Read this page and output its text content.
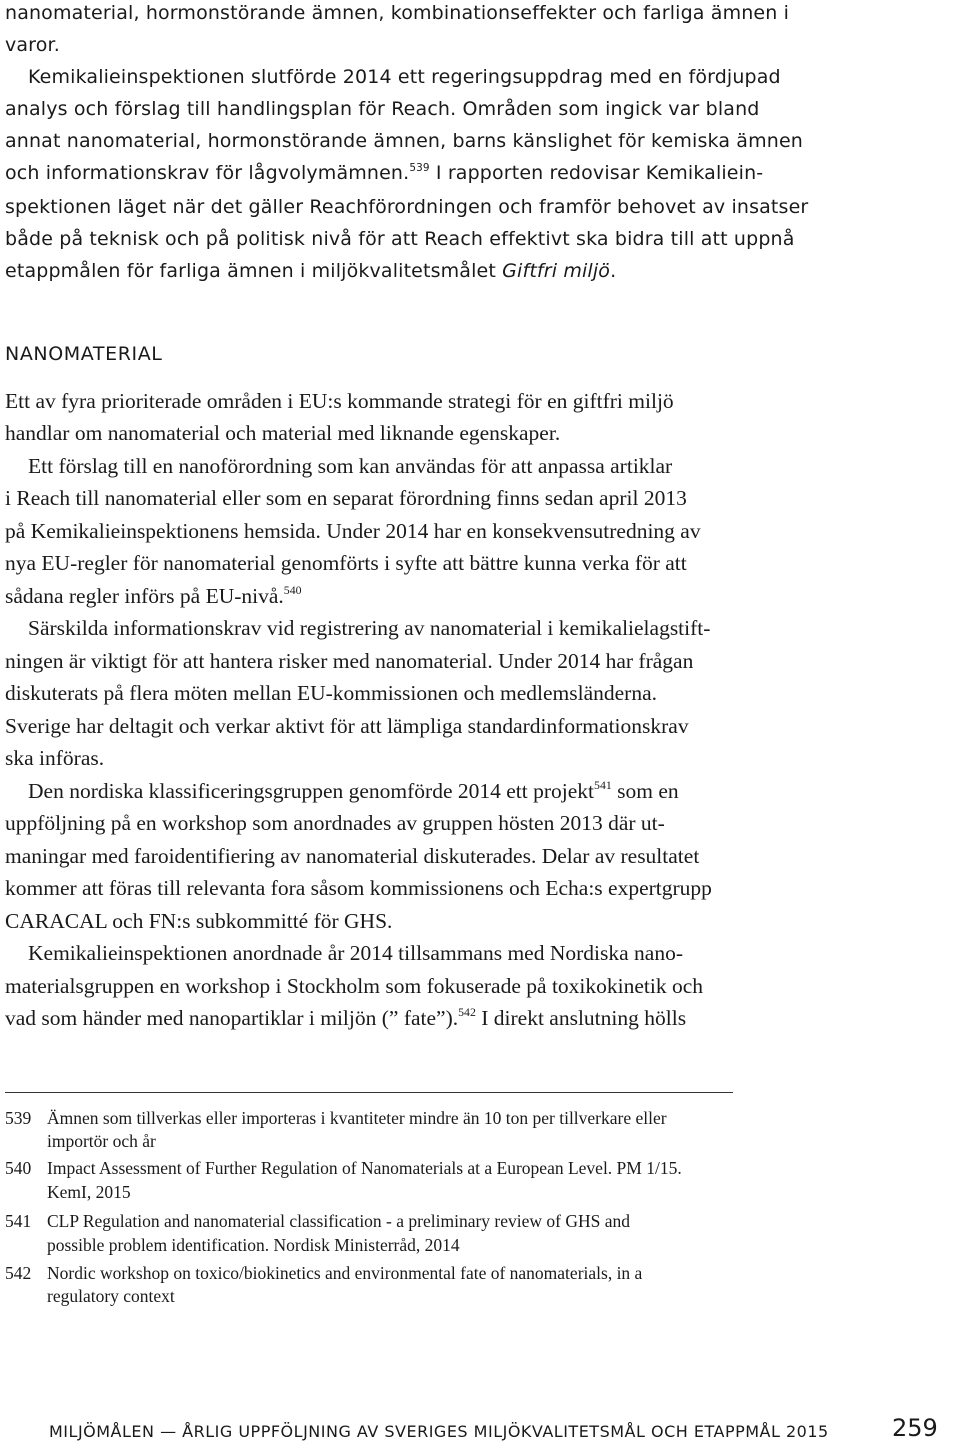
nanomaterial, hormonstörande ämnen, kombinationseffekter och farliga ämnen i
varor.
Kemikalieinspektionen slutförde 2014 ett regeringsuppdrag med en fördjupad
analys och förslag till handlingsplan för Reach. Områden som ingick var bland
annat nanomaterial, hormonstörande ämnen, barns känslighet för kemiska ämnen
och informationskrav för lågvolymämnen.$^{539}$ I rapporten redovisar Kemikaliein-
spektionen läget när det gäller Reachförordningen och framför behovet av insatser
både på teknisk och på politisk nivå för att Reach effektivt ska bidra till att uppnå
etappmålen för farliga ämnen i miljökvalitetsmålet Giftfri miljö.
NANOMATERIAL
Ett av fyra prioriterade områden i EU:s kommande strategi för en giftfri miljö
handlar om nanomaterial och material med liknande egenskaper.
Ett förslag till en nanoförordning som kan användas för att anpassa artiklar
i Reach till nanomaterial eller som en separat förordning finns sedan april 2013
på Kemikalieinspektionens hemsida. Under 2014 har en konsekvensutredning av
nya EU-regler för nanomaterial genomförts i syfte att bättre kunna verka för att
sådana regler införs på EU-nivå.$^{540}$
Särskilda informationskrav vid registrering av nanomaterial i kemikalielagstift-
ningen är viktigt för att hantera risker med nanomaterial. Under 2014 har frågan
diskuterats på flera möten mellan EU-kommissionen och medlemsländerna.
Sverige har deltagit och verkar aktivt för att lämpliga standardinformationskrav
ska införas.
Den nordiska klassificeringsgruppen genomförde 2014 ett projekt$^{541}$ som en
uppföljning på en workshop som anordnades av gruppen hösten 2013 där ut-
maningar med faroidentifiering av nanomaterial diskuterades. Delar av resultatet
kommer att föras till relevanta fora såsom kommissionens och Echa:s expertgrupp
CARACAL och FN:s subkommitté för GHS.
Kemikalieinspektionen anordnade år 2014 tillsammans med Nordiska nano-
materialsgruppen en workshop i Stockholm som fokuserade på toxikokinetik och
vad som händer med nanopartiklar i miljön (” fate”).$^{542}$ I direkt anslutning hölls
539 Ämnen som tillverkas eller importeras i kvantiteter mindre än 10 ton per tillverkare eller
importör och år
540 Impact Assessment of Further Regulation of Nanomaterials at a European Level. PM 1/15.
KemI, 2015
541 CLP Regulation and nanomaterial classification - a preliminary review of GHS and
possible problem identification. Nordisk Ministerråd, 2014
542 Nordic workshop on toxico/biokinetics and environmental fate of nanomaterials, in a
regulatory context
MILJÖMÅLEN — ÅRLIG UPPFÖLJNING AV SVERIGES MILJÖKVALITETSMÅL OCH ETAPPMÅL 2015	259
